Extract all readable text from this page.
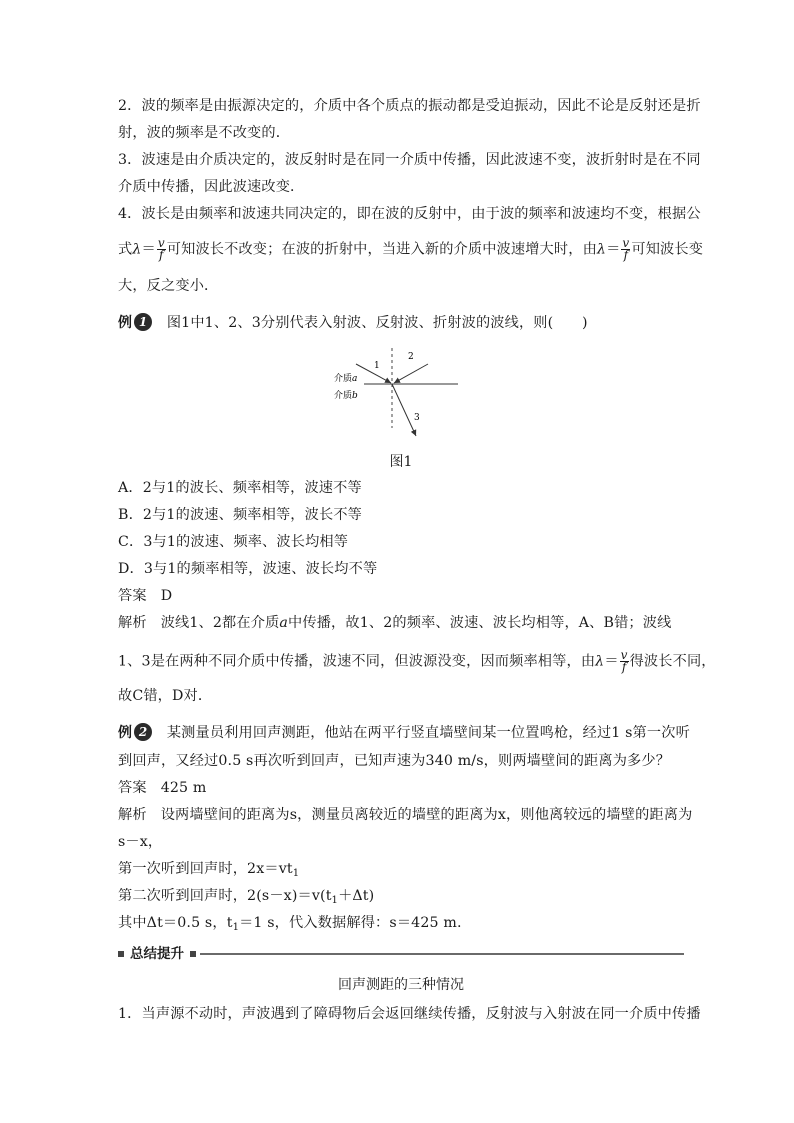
2．波的频率是由振源决定的，介质中各个质点的振动都是受迫振动，因此不论是反射还是折
射，波的频率是不改变的．
3．波速是由介质决定的，波反射时是在同一介质中传播，因此波速不变，波折射时是在不同
介质中传播，因此波速改变．
4．波长是由频率和波速共同决定的，即在波的反射中，由于波的频率和波速均不变，根据公
式$\lambda= \frac{v}{f}$ 可知波长不改变；在波的折射中，当进入新的介质中波速增大时，由$\lambda= \frac{v}{f}$ 可知波长变
大，反之变小．
例 1 图1中1、2、3分别代表入射波、反射波、折射波的波线，则(　　)
1
2
3
介质a
介质b
图1
A．2与1的波长、频率相等，波速不等
B．2与1的波速、频率相等，波长不等
C．3与1的波速、频率、波长均相等
D．3与1的频率相等，波速、波长均不等
答案 D
解析 波线1、2都在介质a中传播，故1、2的频率、波速、波长均相等，A、B错；波线
1、3是在两种不同介质中传播，波速不同，但波源没变，因而频率相等，由$\lambda= \frac{v}{f}$ 得波长不同，
故C错，D对．
例 2 某测量员利用回声测距，他站在两平行竖直墙壁间某一位置鸣枪，经过1 s第一次听
到回声，又经过0.5 s再次听到回声，已知声速为340 m/s，则两墙壁间的距离为多少？
答案 425 m
解析 设两墙壁间的距离为s，测量员离较近的墙壁的距离为x，则他离较远的墙壁的距离为
s－x，
第一次听到回声时，$2x=vt_1$
第二次听到回声时，$2(s-x)=v(t_1+\Delta t)$
其中Δt＝0.5 s，$t_1=1$ s，代入数据解得：s＝425 m.
总结提升
回声测距的三种情况
1．当声源不动时，声波遇到了障碍物后会返回继续传播，反射波与入射波在同一介质中传播
